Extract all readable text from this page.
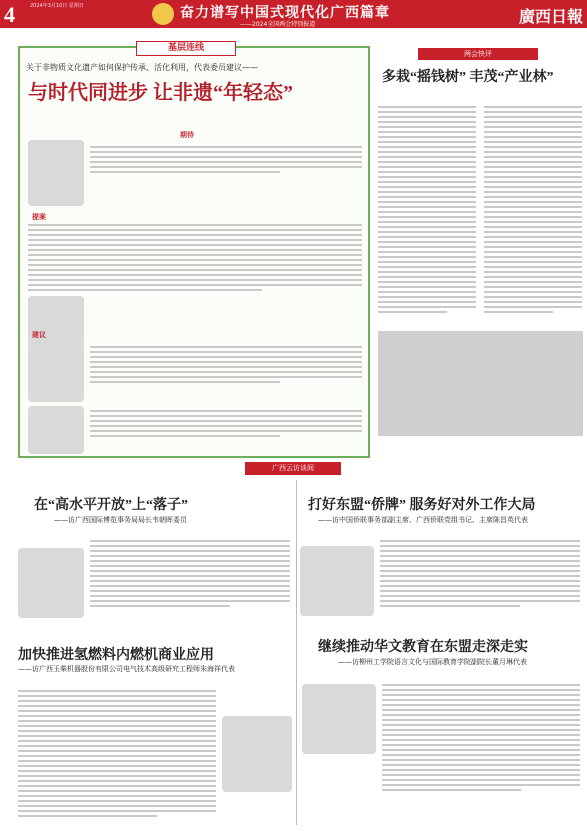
4	2024年3月10日 星期日	奋力谱写中国式现代化广西篇章
——2024全国两会特别报道	廣西日報
基层连线
关于非物质文化遗产如何保护传承、活化利用，代表委员建议——
与时代同进步 让非遗“年轻态”
期待
提案
建议
两会快评
多栽“摇钱树” 丰茂“产业林”
广西云访谈间
在“高水平开放”上“落子”
——访广西国际博览事务局局长韦朝晖委员
打好东盟“侨牌” 服务好对外工作大局
——访中国侨联事务部副主席、广西侨联党组书记、主席陈昌英代表
加快推进氢燃料内燃机商业应用
——访广西玉柴机器股份有限公司电气技术高级研究工程师朱海祥代表
继续推动华文教育在东盟走深走实
——访柳州工学院语言文化与国际教育学院副院长董月琳代表
